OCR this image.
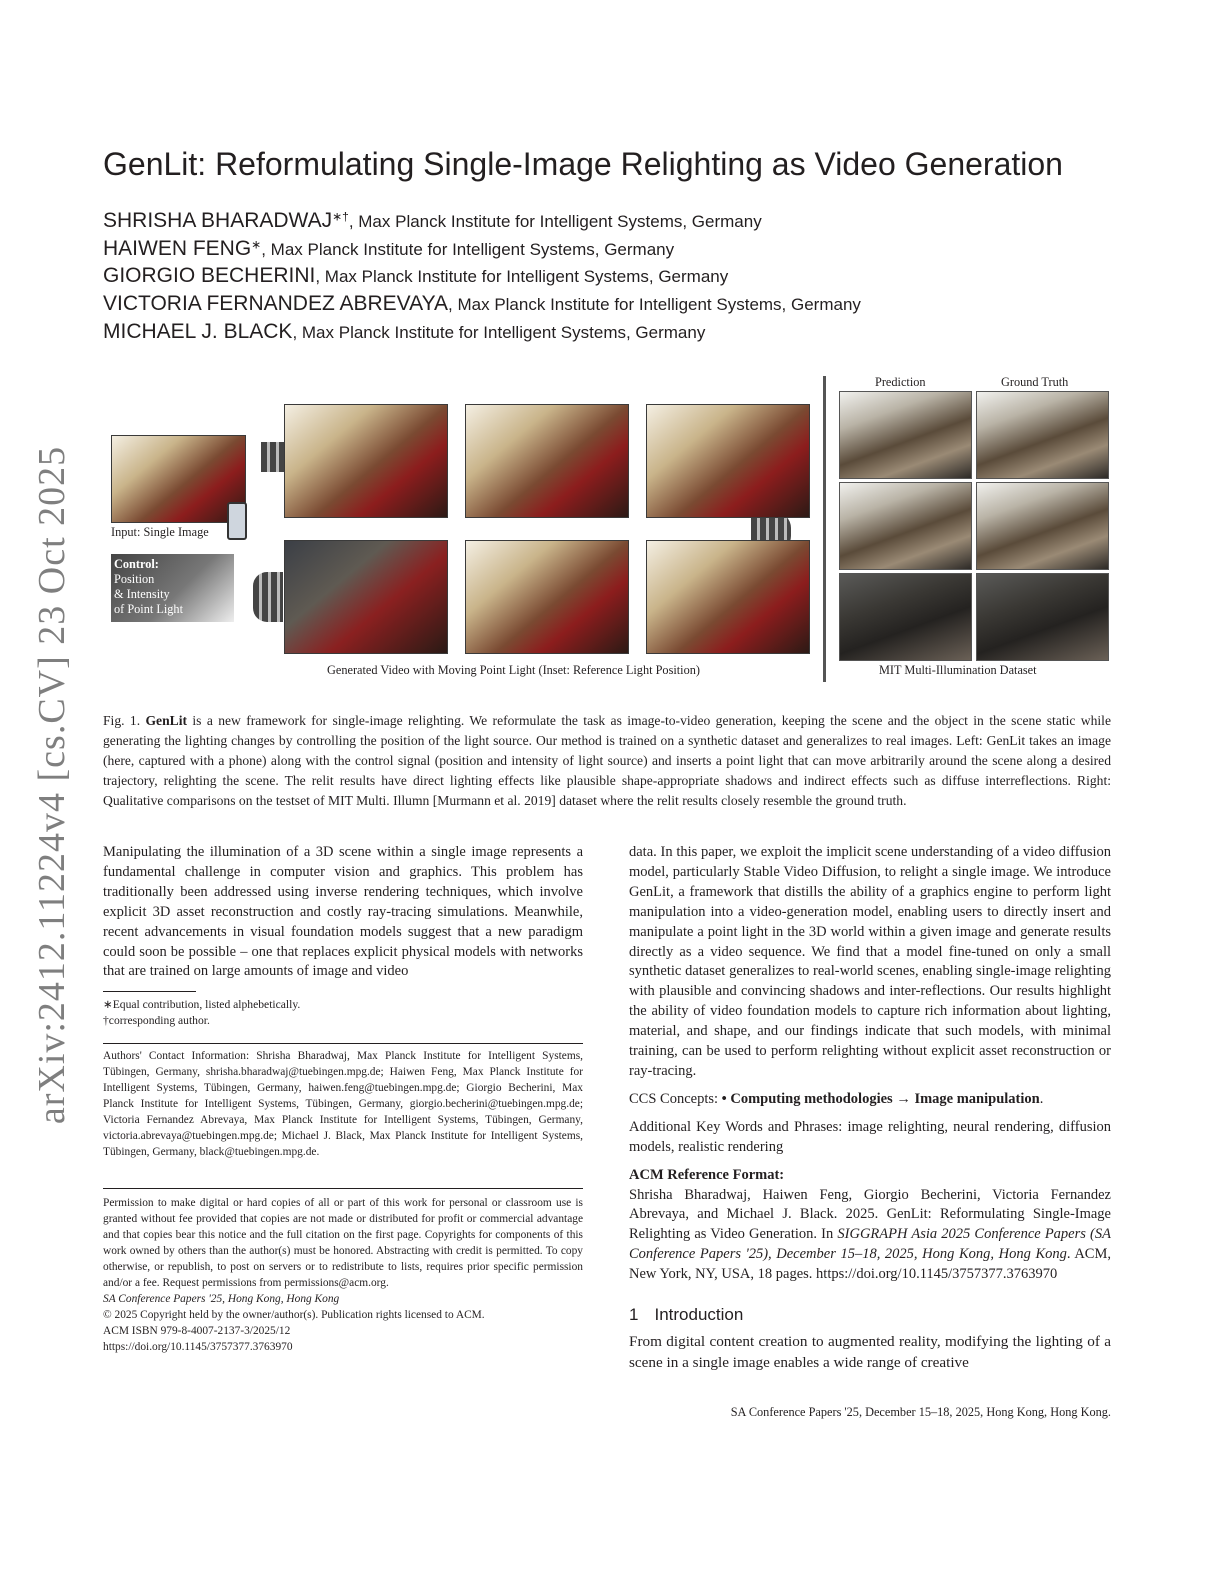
arXiv:2412.11224v4 [cs.CV] 23 Oct 2025
GenLit: Reformulating Single-Image Relighting as Video Generation
SHRISHA BHARADWAJ∗†, Max Planck Institute for Intelligent Systems, Germany
HAIWEN FENG∗, Max Planck Institute for Intelligent Systems, Germany
GIORGIO BECHERINI, Max Planck Institute for Intelligent Systems, Germany
VICTORIA FERNANDEZ ABREVAYA, Max Planck Institute for Intelligent Systems, Germany
MICHAEL J. BLACK, Max Planck Institute for Intelligent Systems, Germany
Input: Single Image
Control:
Position
& Intensity
of Point Light
Generated Video with Moving Point Light (Inset: Reference Light Position)
Prediction	Ground Truth
MIT Multi-Illumination Dataset
Fig. 1. GenLit is a new framework for single-image relighting. We reformulate the task as image-to-video generation, keeping the scene and the object in the scene static while generating the lighting changes by controlling the position of the light source. Our method is trained on a synthetic dataset and generalizes to real images. Left: GenLit takes an image (here, captured with a phone) along with the control signal (position and intensity of light source) and inserts a point light that can move arbitrarily around the scene along a desired trajectory, relighting the scene. The relit results have direct lighting effects like plausible shape-appropriate shadows and indirect effects such as diffuse interreflections. Right: Qualitative comparisons on the testset of MIT Multi. Illumn [Murmann et al. 2019] dataset where the relit results closely resemble the ground truth.

Manipulating the illumination of a 3D scene within a single image represents a fundamental challenge in computer vision and graphics. This problem has traditionally been addressed using inverse rendering techniques, which involve explicit 3D asset reconstruction and costly ray-tracing simulations. Meanwhile, recent advancements in visual foundation models suggest that a new paradigm could soon be possible – one that replaces explicit physical models with networks that are trained on large amounts of image and video

∗Equal contribution, listed alphebetically.
†corresponding author.
Authors' Contact Information: Shrisha Bharadwaj, Max Planck Institute for Intelligent Systems, Tübingen, Germany, shrisha.bharadwaj@tuebingen.mpg.de; Haiwen Feng, Max Planck Institute for Intelligent Systems, Tübingen, Germany, haiwen.feng@tuebingen.mpg.de; Giorgio Becherini, Max Planck Institute for Intelligent Systems, Tübingen, Germany, giorgio.becherini@tuebingen.mpg.de; Victoria Fernandez Abrevaya, Max Planck Institute for Intelligent Systems, Tübingen, Germany, victoria.abrevaya@tuebingen.mpg.de; Michael J. Black, Max Planck Institute for Intelligent Systems, Tübingen, Germany, black@tuebingen.mpg.de.
Permission to make digital or hard copies of all or part of this work for personal or classroom use is granted without fee provided that copies are not made or distributed for profit or commercial advantage and that copies bear this notice and the full citation on the first page. Copyrights for components of this work owned by others than the author(s) must be honored. Abstracting with credit is permitted. To copy otherwise, or republish, to post on servers or to redistribute to lists, requires prior specific permission and/or a fee. Request permissions from permissions@acm.org.
SA Conference Papers '25, Hong Kong, Hong Kong
© 2025 Copyright held by the owner/author(s). Publication rights licensed to ACM.
ACM ISBN 979-8-4007-2137-3/2025/12
https://doi.org/10.1145/3757377.3763970

data. In this paper, we exploit the implicit scene understanding of a video diffusion model, particularly Stable Video Diffusion, to relight a single image. We introduce GenLit, a framework that distills the ability of a graphics engine to perform light manipulation into a video-generation model, enabling users to directly insert and manipulate a point light in the 3D world within a given image and generate results directly as a video sequence. We find that a model fine-tuned on only a small synthetic dataset generalizes to real-world scenes, enabling single-image relighting with plausible and convincing shadows and inter-reflections. Our results highlight the ability of video foundation models to capture rich information about lighting, material, and shape, and our findings indicate that such models, with minimal training, can be used to perform relighting without explicit asset reconstruction or ray-tracing.

CCS Concepts: • Computing methodologies → Image manipulation.

Additional Key Words and Phrases: image relighting, neural rendering, diffusion models, realistic rendering

ACM Reference Format:

Shrisha Bharadwaj, Haiwen Feng, Giorgio Becherini, Victoria Fernandez Abrevaya, and Michael J. Black. 2025. GenLit: Reformulating Single-Image Relighting as Video Generation. In SIGGRAPH Asia 2025 Conference Papers (SA Conference Papers '25), December 15–18, 2025, Hong Kong, Hong Kong. ACM, New York, NY, USA, 18 pages. https://doi.org/10.1145/3757377.3763970

1 Introduction

From digital content creation to augmented reality, modifying the lighting of a scene in a single image enables a wide range of creative

SA Conference Papers '25, December 15–18, 2025, Hong Kong, Hong Kong.
